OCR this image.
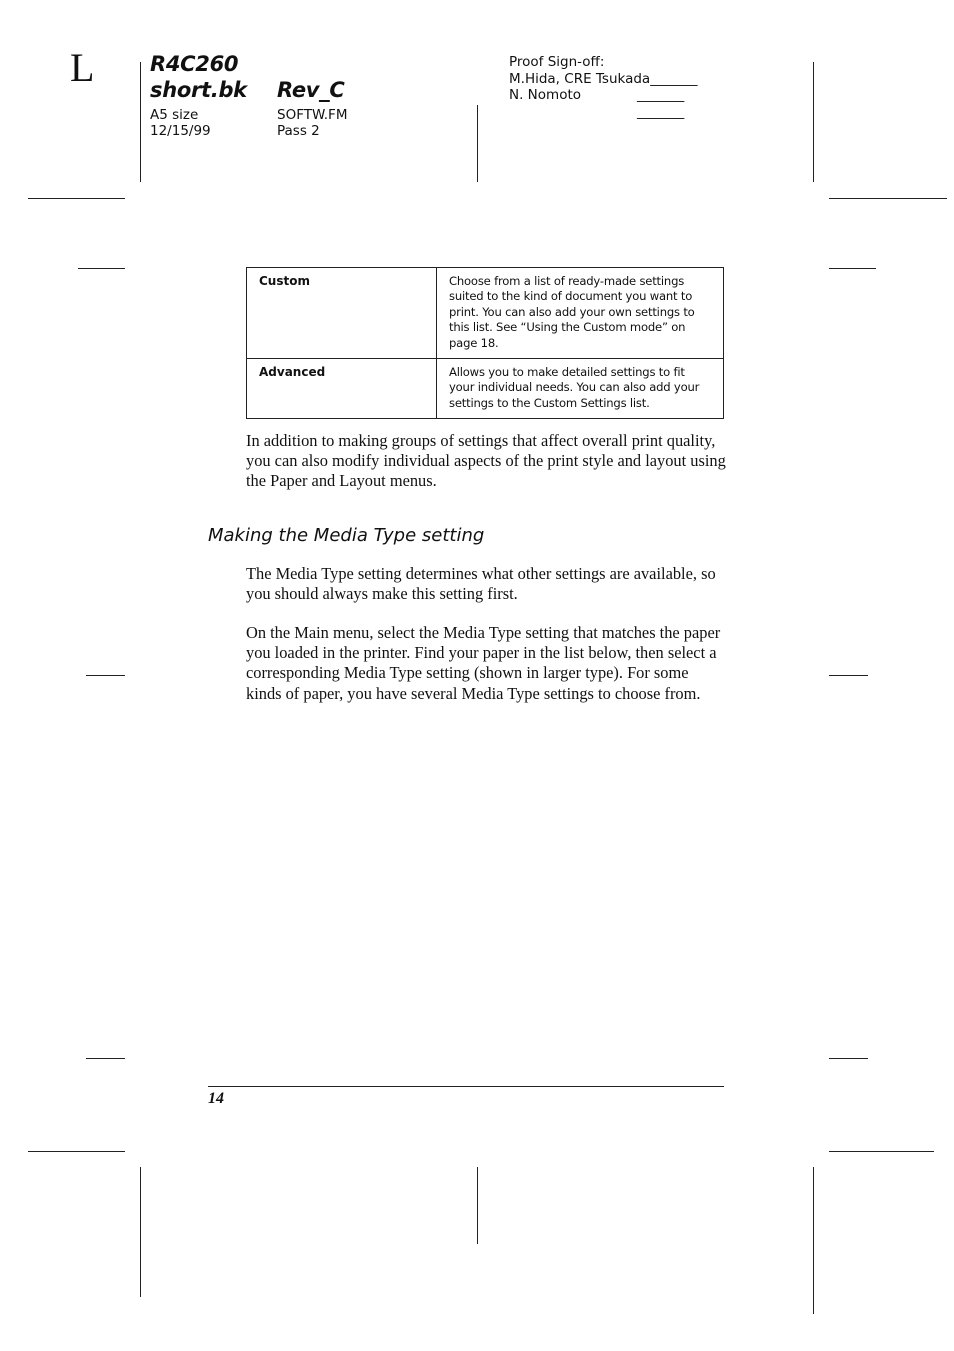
L	R4C260
short.bk Rev_C
A5 size
12/15/99
SOFTW.FM
Pass 2
Proof Sign-off:
M.Hida, CRE Tsukada_______
N. Nomoto	_______
_______
Custom	Choose from a list of ready-made settings suited to the kind of document you want to print. You can also add your own settings to this list. See “Using the Custom mode” on page 18.
Advanced	Allows you to make detailed settings to fit your individual needs. You can also add your settings to the Custom Settings list.

In addition to making groups of settings that affect overall print quality, you can also modify individual aspects of the print style and layout using the Paper and Layout menus.

Making the Media Type setting

The Media Type setting determines what other settings are available, so you should always make this setting first.

On the Main menu, select the Media Type setting that matches the paper you loaded in the printer. Find your paper in the list below, then select a corresponding Media Type setting (shown in larger type). For some kinds of paper, you have several Media Type settings to choose from.

14
